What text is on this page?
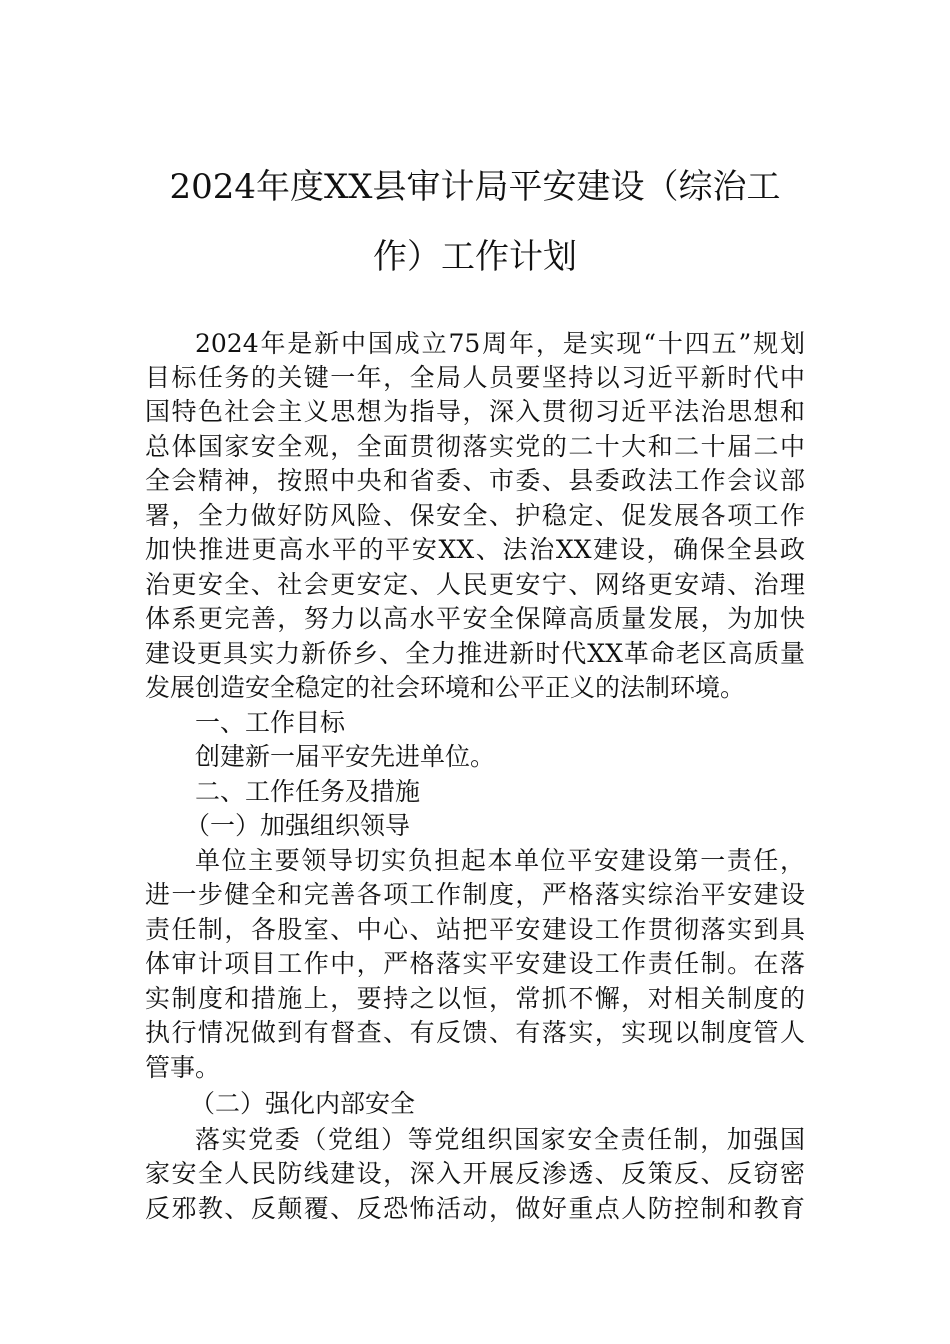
2024年度XX县审计局平安建设（综治工
作）工作计划
2024年是新中国成立75周年，是实现“十四五”规划
目标任务的关键一年，全局人员要坚持以习近平新时代中
国特色社会主义思想为指导，深入贯彻习近平法治思想和
总体国家安全观，全面贯彻落实党的二十大和二十届二中
全会精神，按照中央和省委、市委、县委政法工作会议部
署，全力做好防风险、保安全、护稳定、促发展各项工作
加快推进更高水平的平安XX、法治XX建设，确保全县政
治更安全、社会更安定、人民更安宁、网络更安靖、治理
体系更完善，努力以高水平安全保障高质量发展，为加快
建设更具实力新侨乡、全力推进新时代XX革命老区高质量
发展创造安全稳定的社会环境和公平正义的法制环境。
一、工作目标
创建新一届平安先进单位。
二、工作任务及措施
（一）加强组织领导
单位主要领导切实负担起本单位平安建设第一责任，
进一步健全和完善各项工作制度，严格落实综治平安建设
责任制，各股室、中心、站把平安建设工作贯彻落实到具
体审计项目工作中，严格落实平安建设工作责任制。在落
实制度和措施上，要持之以恒，常抓不懈，对相关制度的
执行情况做到有督查、有反馈、有落实，实现以制度管人
管事。
（二）强化内部安全
落实党委（党组）等党组织国家安全责任制，加强国
家安全人民防线建设，深入开展反渗透、反策反、反窃密
反邪教、反颠覆、反恐怖活动，做好重点人防控制和教育
